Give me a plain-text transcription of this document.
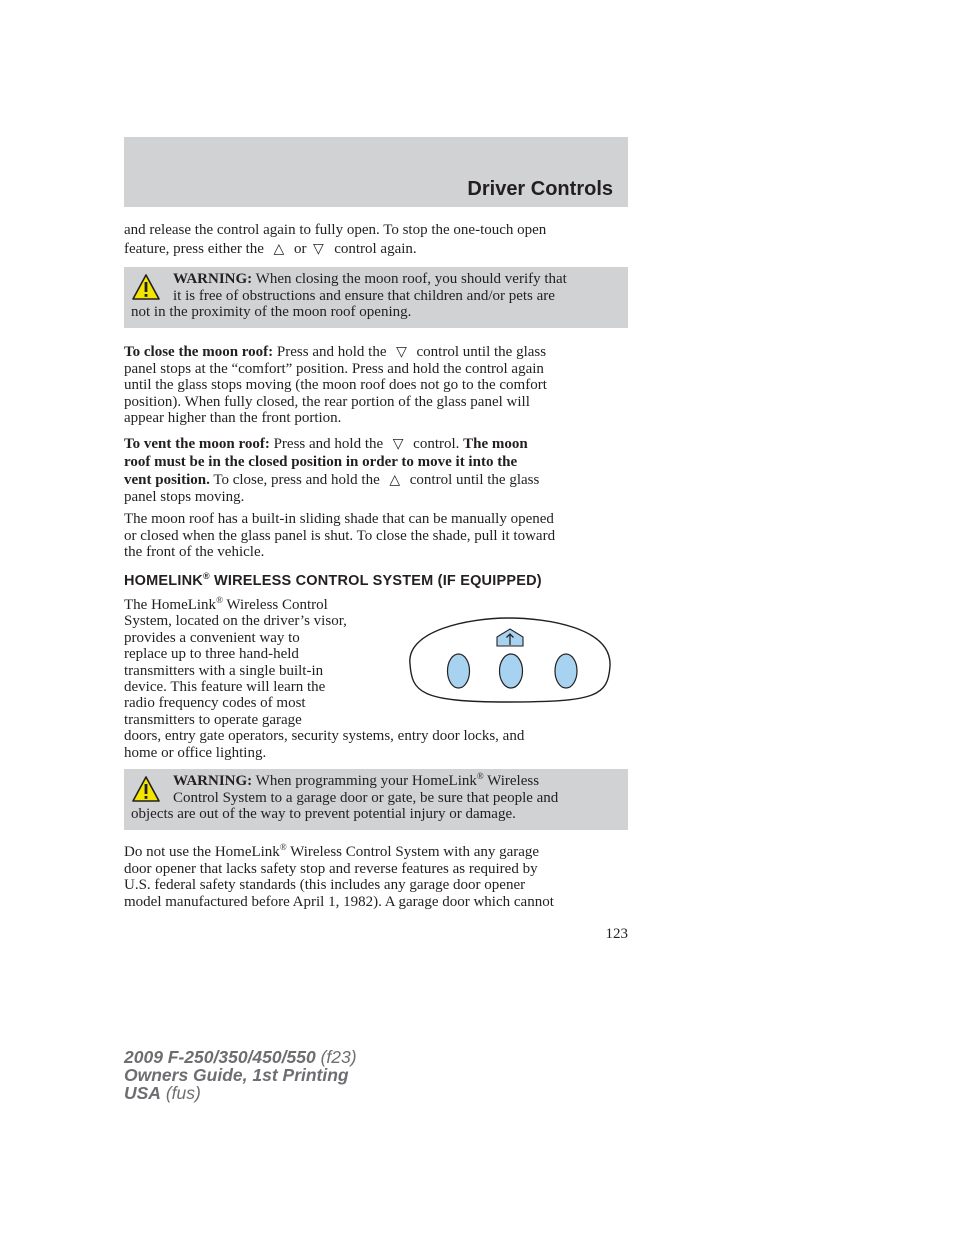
Driver Controls

and release the control again to fully open. To stop the one-touch open

feature, press either the △ or ▽ control again.

WARNING: When closing the moon roof, you should verify that
it is free of obstructions and ensure that children and/or pets are
not in the proximity of the moon roof opening.

To close the moon roof: Press and hold the ▽ control until the glass

panel stops at the “comfort” position. Press and hold the control again

until the glass stops moving (the moon roof does not go to the comfort

position). When fully closed, the rear portion of the glass panel will

appear higher than the front portion.

To vent the moon roof: Press and hold the ▽ control. The moon

roof must be in the closed position in order to move it into the

vent position. To close, press and hold the △ control until the glass

panel stops moving.

The moon roof has a built-in sliding shade that can be manually opened

or closed when the glass panel is shut. To close the shade, pull it toward

the front of the vehicle.

HOMELINK® WIRELESS CONTROL SYSTEM (IF EQUIPPED)
The HomeLink® Wireless Control
System, located on the driver’s visor,
provides a convenient way to
replace up to three hand-held
transmitters with a single built-in
device. This feature will learn the
radio frequency codes of most
transmitters to operate garage
doors, entry gate operators, security systems, entry door locks, and
home or office lighting.
WARNING: When programming your HomeLink® Wireless
Control System to a garage door or gate, be sure that people and
objects are out of the way to prevent potential injury or damage.

Do not use the HomeLink® Wireless Control System with any garage

door opener that lacks safety stop and reverse features as required by

U.S. federal safety standards (this includes any garage door opener

model manufactured before April 1, 1982). A garage door which cannot

123
2009 F-250/350/450/550 (f23)
Owners Guide, 1st Printing
USA (fus)
